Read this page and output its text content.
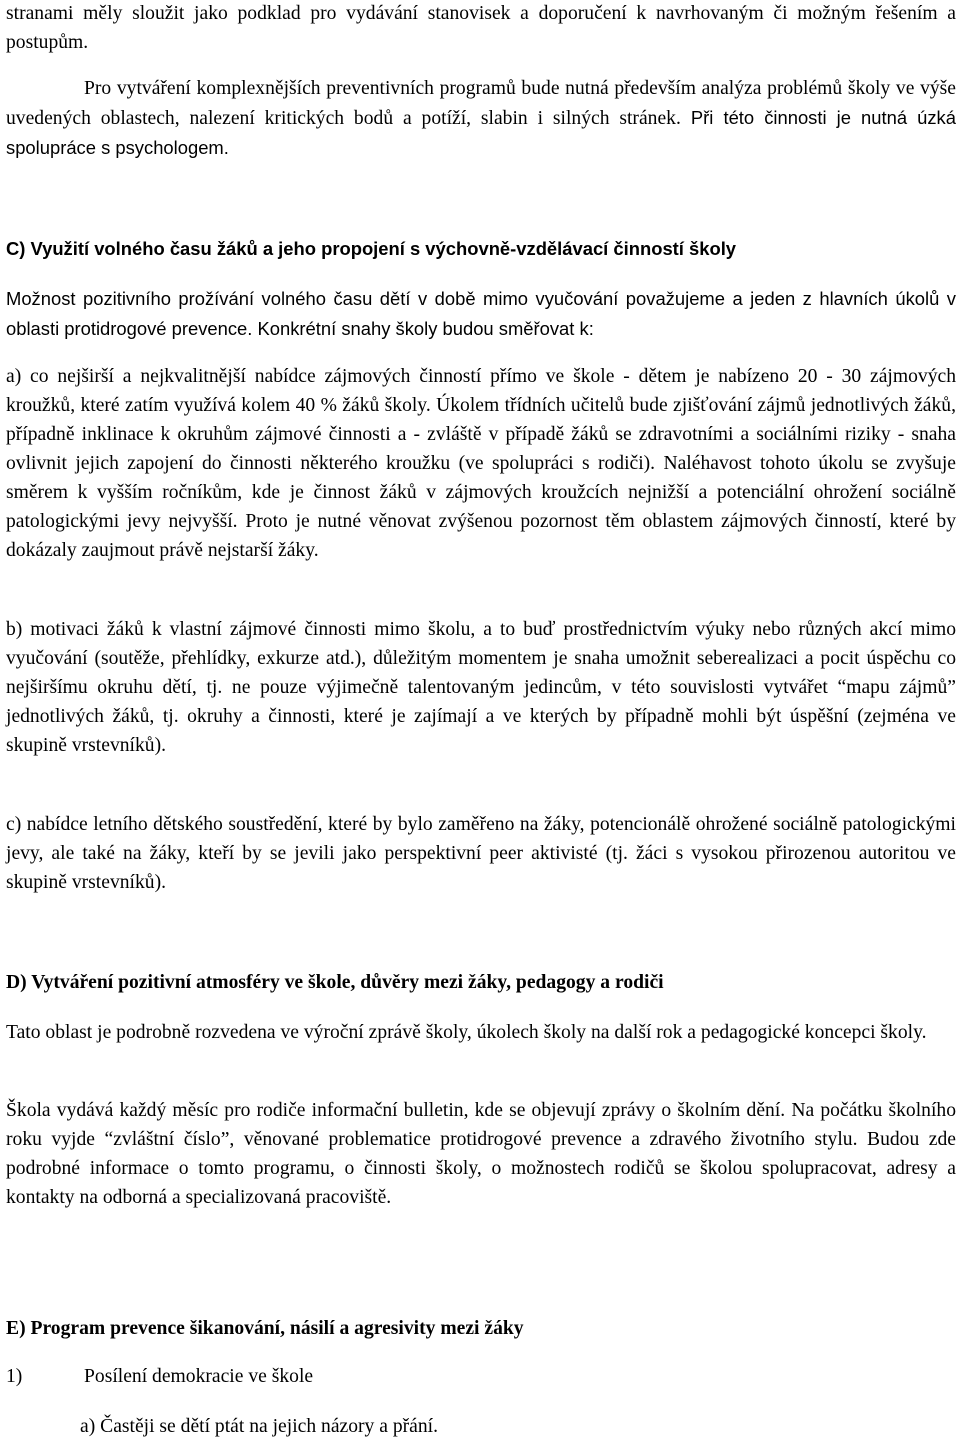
stranami měly sloužit jako podklad pro vydávání stanovisek a doporučení k navrhovaným či možným řešením a postupům.

Pro vytváření komplexnějších preventivních programů bude nutná především analýza problémů školy ve výše uvedených oblastech, nalezení kritických bodů a potíží, slabin i silných stránek. Při této činnosti je nutná úzká spolupráce s psychologem.

C) Využití volného času žáků a jeho propojení s výchovně-vzdělávací činností školy

Možnost pozitivního prožívání volného času dětí v době mimo vyučování považujeme a jeden z hlavních úkolů v oblasti protidrogové prevence. Konkrétní snahy školy budou směřovat k:

a) co nejširší a nejkvalitnější nabídce zájmových činností přímo ve škole - dětem je nabízeno 20 - 30 zájmových kroužků, které zatím využívá kolem 40 % žáků školy. Úkolem třídních učitelů bude zjišťování zájmů jednotlivých žáků, případně inklinace k okruhům zájmové činnosti a - zvláště v případě žáků se zdravotními a sociálními riziky - snaha ovlivnit jejich zapojení do činnosti některého kroužku (ve spolupráci s rodiči). Naléhavost tohoto úkolu se zvyšuje směrem k vyšším ročníkům, kde je činnost žáků v zájmových kroužcích nejnižší a potenciální ohrožení sociálně patologickými jevy nejvyšší. Proto je nutné věnovat zvýšenou pozornost těm oblastem zájmových činností, které by dokázaly zaujmout právě nejstarší žáky.

b) motivaci žáků k vlastní zájmové činnosti mimo školu, a to buď prostřednictvím výuky nebo různých akcí mimo vyučování (soutěže, přehlídky, exkurze atd.), důležitým momentem je snaha umožnit seberealizaci a pocit úspěchu co nejširšímu okruhu dětí, tj. ne pouze výjimečně talentovaným jedincům, v této souvislosti vytvářet “mapu zájmů” jednotlivých žáků, tj. okruhy a činnosti, které je zajímají a ve kterých by případně mohli být úspěšní (zejména ve skupině vrstevníků).

c) nabídce letního dětského soustředění, které by bylo zaměřeno na žáky, potencionálě ohrožené sociálně patologickými jevy, ale také na žáky, kteří by se jevili jako perspektivní peer aktivisté (tj. žáci s vysokou přirozenou autoritou ve skupině vrstevníků).

D) Vytváření pozitivní atmosféry ve škole, důvěry mezi žáky, pedagogy a rodiči

Tato oblast je podrobně rozvedena ve výroční zprávě školy, úkolech školy na další rok a pedagogické koncepci školy.

Škola vydává každý měsíc pro rodiče informační bulletin, kde se objevují zprávy o školním dění. Na počátku školního roku vyjde “zvláštní číslo”, věnované problematice protidrogové prevence a zdravého životního stylu. Budou zde podrobné informace o tomto programu, o činnosti školy, o možnostech rodičů se školou spolupracovat, adresy a kontakty na odborná a specializovaná pracoviště.

E) Program prevence šikanování, násilí a agresivity mezi žáky

1)	Posílení demokracie ve škole

a) Častěji se dětí ptát na jejich názory a přání.
